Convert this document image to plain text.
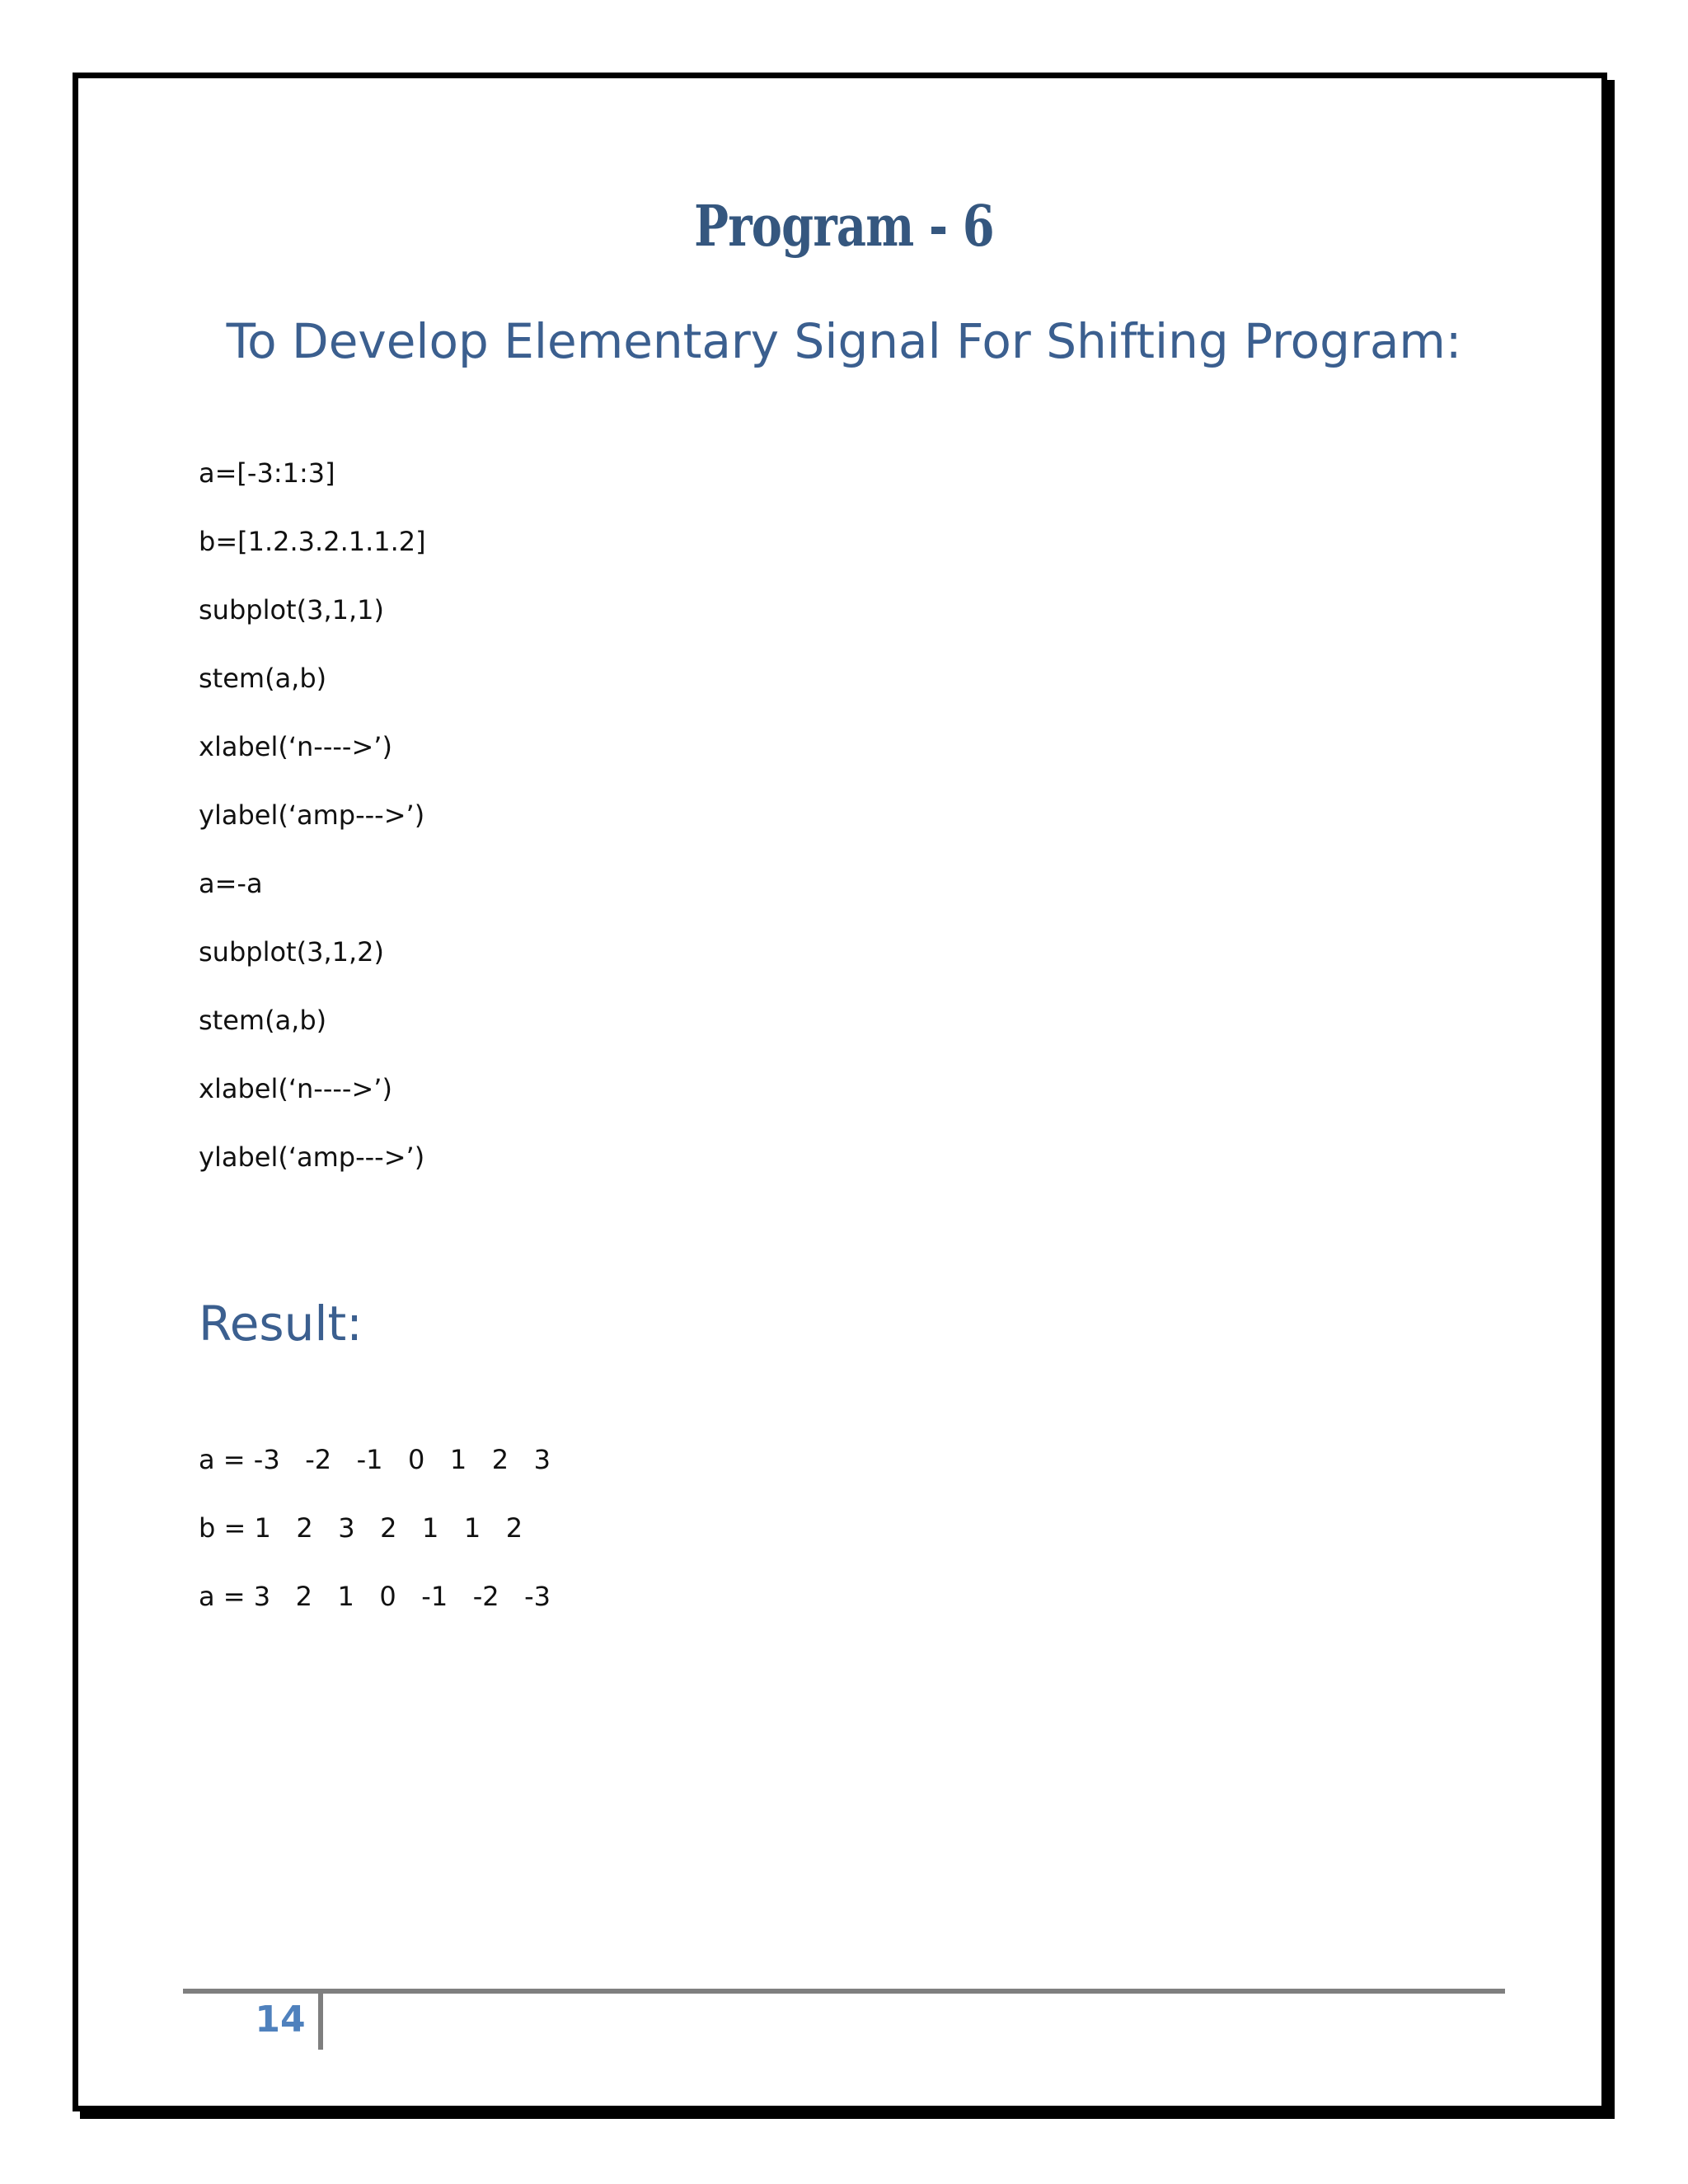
Program - 6
To Develop Elementary Signal For Shifting Program:
a=[-3:1:3]
b=[1.2.3.2.1.1.2]
subplot(3,1,1)
stem(a,b)
xlabel(‘n---->’)
ylabel(‘amp--->’)
a=-a
subplot(3,1,2)
stem(a,b)
xlabel(‘n---->’)
ylabel(‘amp--->’)
Result:
a = -3   -2   -1   0   1   2   3
b = 1   2   3   2   1   1   2
a = 3   2   1   0   -1   -2   -3
14
